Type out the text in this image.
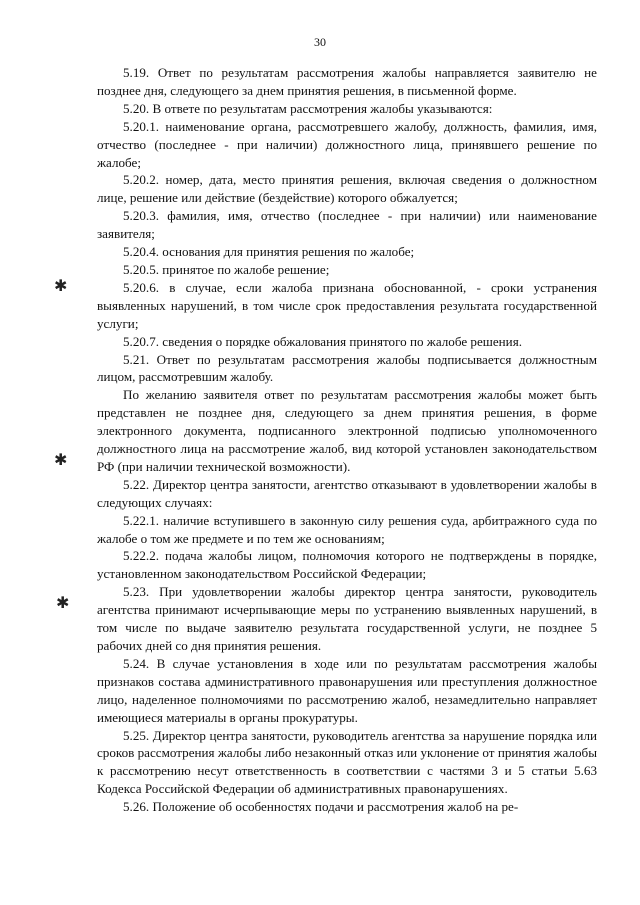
30
✱
✱
✱

5.19. Ответ по результатам рассмотрения жалобы направляется заявителю не позднее дня, следующего за днем принятия решения, в письменной форме.

5.20. В ответе по результатам рассмотрения жалобы указываются:

5.20.1. наименование органа, рассмотревшего жалобу, должность, фамилия, имя, отчество (последнее - при наличии) должностного лица, принявшего решение по жалобе;

5.20.2. номер, дата, место принятия решения, включая сведения о должностном лице, решение или действие (бездействие) которого обжалуется;

5.20.3. фамилия, имя, отчество (последнее - при наличии) или наименование заявителя;

5.20.4. основания для принятия решения по жалобе;

5.20.5. принятое по жалобе решение;

5.20.6. в случае, если жалоба признана обоснованной, - сроки устранения выявленных нарушений, в том числе срок предоставления результата государственной услуги;

5.20.7. сведения о порядке обжалования принятого по жалобе решения.

5.21. Ответ по результатам рассмотрения жалобы подписывается должностным лицом, рассмотревшим жалобу.

По желанию заявителя ответ по результатам рассмотрения жалобы может быть представлен не позднее дня, следующего за днем принятия решения, в форме электронного документа, подписанного электронной подписью уполномоченного должностного лица на рассмотрение жалоб, вид которой установлен законодательством РФ (при наличии технической возможности).

5.22. Директор центра занятости, агентство отказывают в удовлетворении жалобы в следующих случаях:

5.22.1. наличие вступившего в законную силу решения суда, арбитражного суда по жалобе о том же предмете и по тем же основаниям;

5.22.2. подача жалобы лицом, полномочия которого не подтверждены в порядке, установленном законодательством Российской Федерации;

5.23. При удовлетворении жалобы директор центра занятости, руководитель агентства принимают исчерпывающие меры по устранению выявленных нарушений, в том числе по выдаче заявителю результата государственной услуги, не позднее 5 рабочих дней со дня принятия решения.

5.24. В случае установления в ходе или по результатам рассмотрения жалобы признаков состава административного правонарушения или преступления должностное лицо, наделенное полномочиями по рассмотрению жалоб, незамедлительно направляет имеющиеся материалы в органы прокуратуры.

5.25. Директор центра занятости, руководитель агентства за нарушение порядка или сроков рассмотрения жалобы либо незаконный отказ или уклонение от принятия жалобы к рассмотрению несут ответственность в соответствии с частями 3 и 5 статьи 5.63 Кодекса Российской Федерации об административных правонарушениях.

5.26. Положение об особенностях подачи и рассмотрения жалоб на ре-
